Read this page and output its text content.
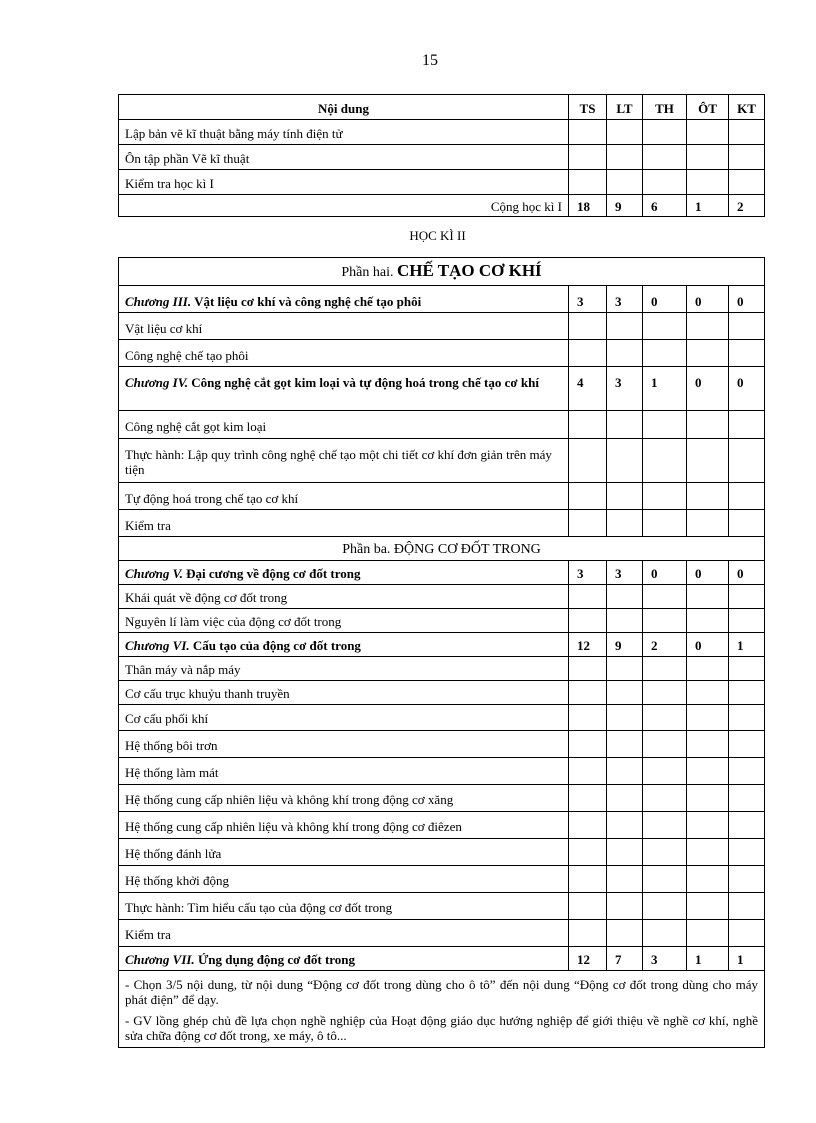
15
Nội dung	TS	LT	TH	ÔT	KT
Lập bản vẽ kĩ thuật bằng máy tính điện tử					
Ôn tập phần Vẽ kĩ thuật					
Kiểm tra học kì I					
Cộng học kì I	18	9	6	1	2
HỌC KÌ II
Phần hai. CHẾ TẠO CƠ KHÍ					
Chương III. Vật liệu cơ khí và công nghệ chế tạo phôi	3	3	0	0	0
Vật liệu cơ khí					
Công nghệ chế tạo phôi					
Chương IV. Công nghệ cắt gọt kim loại và tự động hoá trong chế tạo cơ khí	4	3	1	0	0
Công nghệ cắt gọt kim loại					
Thực hành: Lập quy trình công nghệ chế tạo một chi tiết cơ khí đơn giản trên máy tiện					
Tự động hoá trong chế tạo cơ khí					
Kiểm tra					
Phần ba. ĐỘNG CƠ ĐỐT TRONG					
Chương V. Đại cương về động cơ đốt trong	3	3	0	0	0
Khái quát về động cơ đốt trong					
Nguyên lí làm việc của động cơ đốt trong					
Chương VI. Cấu tạo của động cơ đốt trong	12	9	2	0	1
Thân máy và nắp máy					
Cơ cấu trục khuỷu thanh truyền					
Cơ cấu phối khí					
Hệ thống bôi trơn					
Hệ thống làm mát					
Hệ thống cung cấp nhiên liệu và không khí trong động cơ xăng					
Hệ thống cung cấp nhiên liệu và không khí trong động cơ điêzen					
Hệ thống đánh lửa					
Hệ thống khởi động					
Thực hành: Tìm hiểu cấu tạo của động cơ đốt trong					
Kiểm tra					
Chương VII. Ứng dụng động cơ đốt trong	12	7	3	1	1

- Chọn 3/5 nội dung, từ nội dung “Động cơ đốt trong dùng cho ô tô” đến nội dung “Động cơ đốt trong dùng cho máy phát điện” để dạy.
- GV lồng ghép chủ đề lựa chọn nghề nghiệp của Hoạt động giáo dục hướng nghiệp để giới thiệu về nghề cơ khí, nghề sửa chữa động cơ đốt trong, xe máy, ô tô...					
